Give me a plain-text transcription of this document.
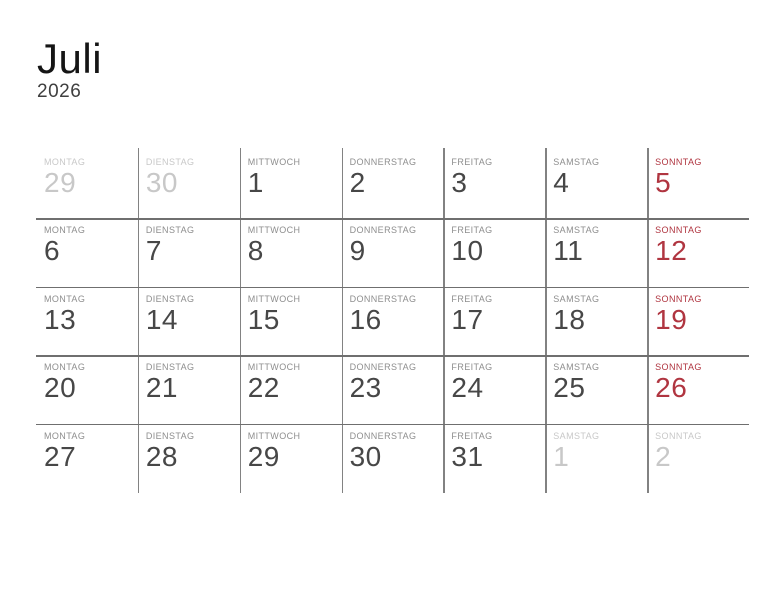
Juli
2026
MONTAG
29
DIENSTAG
30
MITTWOCH
1
DONNERSTAG
2
FREITAG
3
SAMSTAG
4
SONNTAG
5
MONTAG
6
DIENSTAG
7
MITTWOCH
8
DONNERSTAG
9
FREITAG
10
SAMSTAG
11
SONNTAG
12
MONTAG
13
DIENSTAG
14
MITTWOCH
15
DONNERSTAG
16
FREITAG
17
SAMSTAG
18
SONNTAG
19
MONTAG
20
DIENSTAG
21
MITTWOCH
22
DONNERSTAG
23
FREITAG
24
SAMSTAG
25
SONNTAG
26
MONTAG
27
DIENSTAG
28
MITTWOCH
29
DONNERSTAG
30
FREITAG
31
SAMSTAG
1
SONNTAG
2
